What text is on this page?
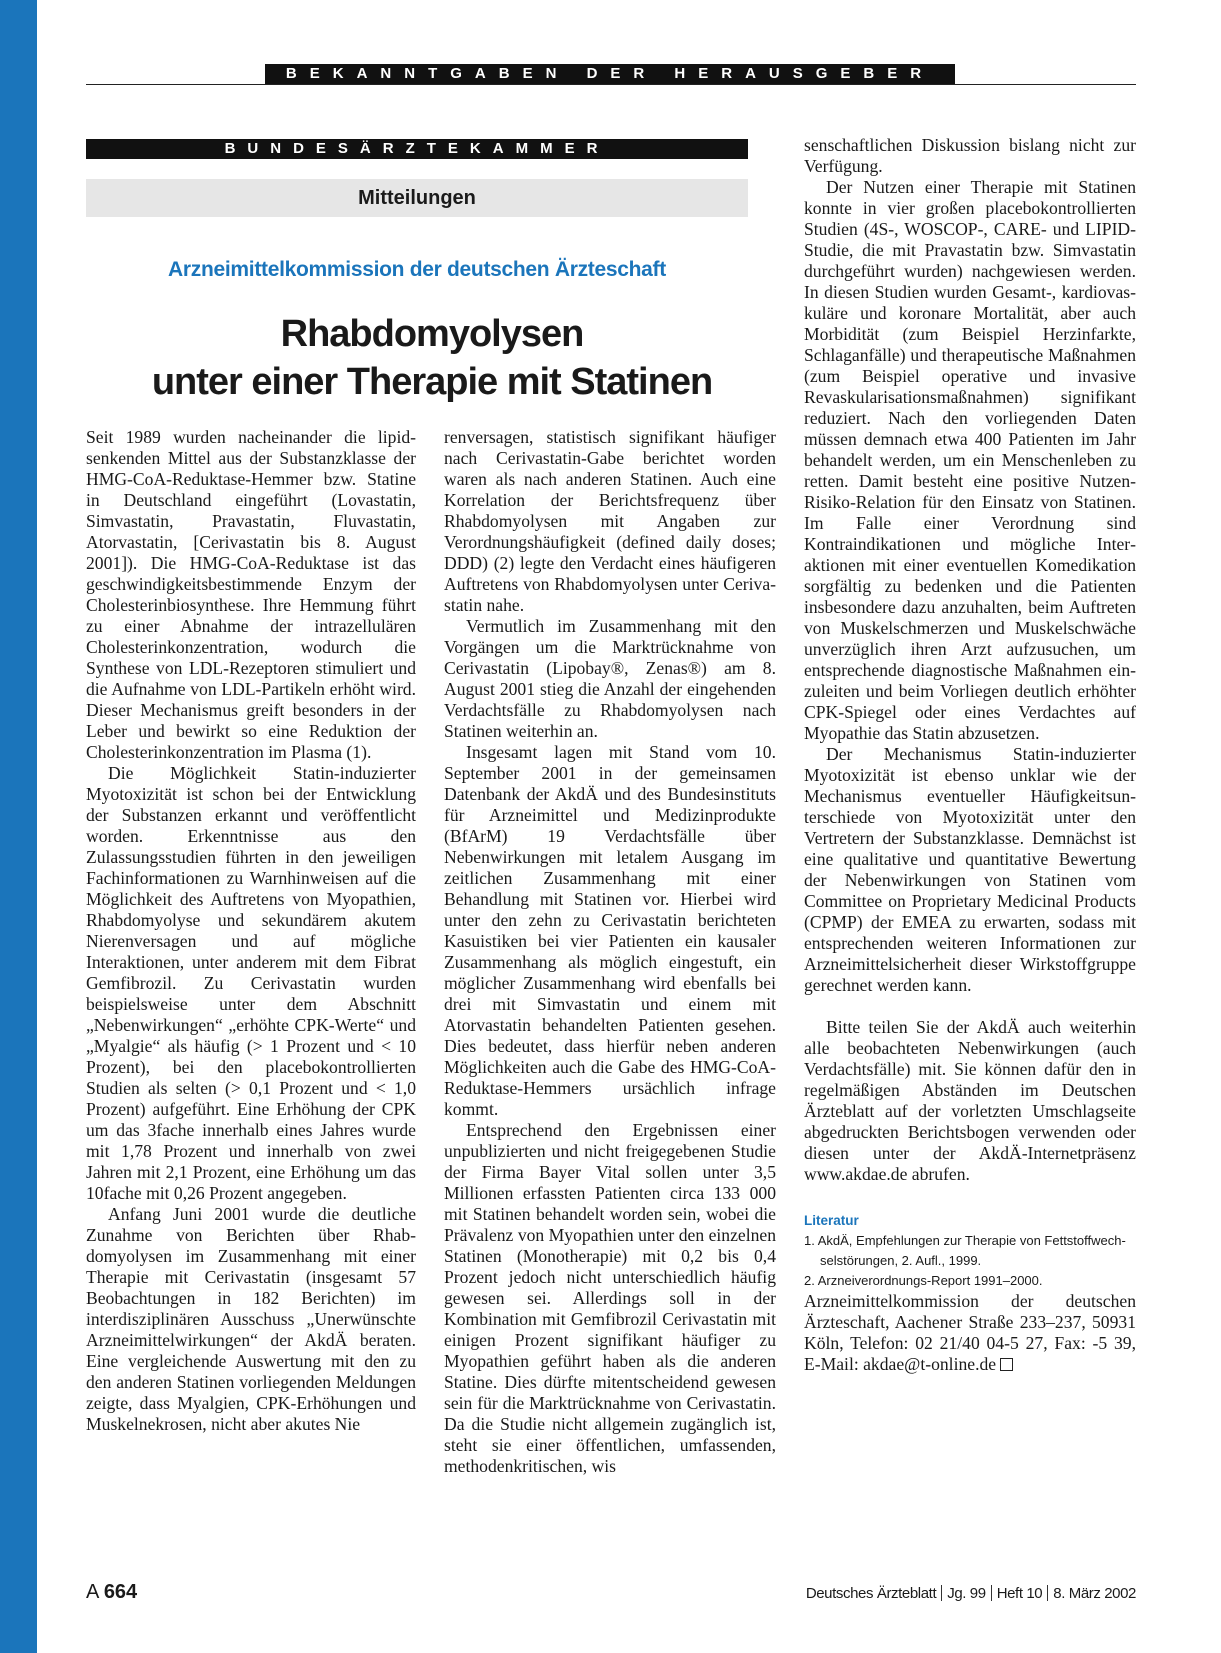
BEKANNTGABEN DER HERAUSGEBER
BUNDESÄRZTEKAMMER
Mitteilungen
Arzneimittelkommission der deutschen Ärzteschaft
Rhabdomyolysen
unter einer Therapie mit Statinen

Seit 1989 wurden nacheinander die lipidsenkenden Mittel aus der Substanzklasse der HMG-CoA-Reduktase-Hemmer bzw. Statine in Deutschland eingeführt (Lovastatin, Simvastatin, Pravastatin, Fluvastatin, Atorvastatin, [Cerivastatin bis 8. August 2001]). Die HMG-CoA-Reduktase ist das geschwindigkeitsbestimmende Enzym der Cholesterinbiosynthese. Ihre Hemmung führt zu einer Abnahme der intrazellulären Cholesterinkonzentration, wodurch die Synthese von LDL-Rezeptoren stimuliert und die Aufnahme von LDL-Partikeln erhöht wird. Dieser Mechanismus greift besonders in der Leber und bewirkt so eine Reduktion der Cholesterinkonzentration im Plasma (1).

Die Möglichkeit Statin-induzierter Myotoxizität ist schon bei der Entwicklung der Substanzen erkannt und veröffentlicht worden. Erkenntnisse aus den Zulassungsstudien führten in den jeweiligen Fachinformationen zu Warnhinweisen auf die Möglichkeit des Auftretens von Myopathien, Rhabdomyolyse und sekundärem akutem Nierenversagen und auf mögliche Interaktionen, unter anderem mit dem Fibrat Gemfibrozil. Zu Cerivastatin wurden beispielsweise unter dem Abschnitt „Nebenwirkungen“ „erhöhte CPK-Werte“ und „Myalgie“ als häufig (> 1 Prozent und < 10 Prozent), bei den placebokontrollierten Studien als selten (> 0,1 Prozent und < 1,0 Prozent) aufgeführt. Eine Erhöhung der CPK um das 3fache innerhalb eines Jahres wurde mit 1,78 Prozent und innerhalb von zwei Jahren mit 2,1 Prozent, eine Erhöhung um das 10fache mit 0,26 Prozent angegeben.

Anfang Juni 2001 wurde die deutliche Zunahme von Berichten über Rhabdomyolysen im Zusammenhang mit einer Therapie mit Cerivastatin (insgesamt 57 Beobachtungen in 182 Berichten) im interdisziplinären Ausschuss „Unerwünschte Arzneimittelwirkungen“ der AkdÄ beraten. Eine vergleichende Auswertung mit den zu den anderen Statinen vorliegenden Meldungen zeigte, dass Myalgien, CPK-Erhöhungen und Muskelnekrosen, nicht aber akutes Nie

renversagen, statistisch signifikant häufiger nach Cerivastatin-Gabe berichtet worden waren als nach anderen Statinen. Auch eine Korrelation der Berichtsfrequenz über Rhabdomyolysen mit Angaben zur Verordnungshäufigkeit (defined daily doses; DDD) (2) legte den Verdacht eines häufigeren Auftretens von Rhabdomyolysen unter Cerivastatin nahe.

Vermutlich im Zusammenhang mit den Vorgängen um die Marktrücknahme von Cerivastatin (Lipobay®, Zenas®) am 8. August 2001 stieg die Anzahl der eingehenden Verdachtsfälle zu Rhabdomyolysen nach Statinen weiterhin an.

Insgesamt lagen mit Stand vom 10. September 2001 in der gemeinsamen Datenbank der AkdÄ und des Bundesinstituts für Arzneimittel und Medizinprodukte (BfArM) 19 Verdachtsfälle über Nebenwirkungen mit letalem Ausgang im zeitlichen Zusammenhang mit einer Behandlung mit Statinen vor. Hierbei wird unter den zehn zu Cerivastatin berichteten Kasuistiken bei vier Patienten ein kausaler Zusammenhang als möglich eingestuft, ein möglicher Zusammenhang wird ebenfalls bei drei mit Simvastatin und einem mit Atorvastatin behandelten Patienten gesehen. Dies bedeutet, dass hierfür neben anderen Möglichkeiten auch die Gabe des HMG-CoA-Reduktase-Hemmers ursächlich infrage kommt.

Entsprechend den Ergebnissen einer unpublizierten und nicht freigegebenen Studie der Firma Bayer Vital sollen unter 3,5 Millionen erfassten Patienten circa 133 000 mit Statinen behandelt worden sein, wobei die Prävalenz von Myopathien unter den einzelnen Statinen (Monotherapie) mit 0,2 bis 0,4 Prozent jedoch nicht unterschiedlich häufig gewesen sei. Allerdings soll in der Kombination mit Gemfibrozil Cerivastatin mit einigen Prozent signifikant häufiger zu Myopathien geführt haben als die anderen Statine. Dies dürfte mitentscheidend gewesen sein für die Marktrücknahme von Cerivastatin. Da die Studie nicht allgemein zugänglich ist, steht sie einer öffentlichen, umfassenden, methodenkritischen, wis

senschaftlichen Diskussion bislang nicht zur Verfügung.

Der Nutzen einer Therapie mit Statinen konnte in vier großen placebokontrollierten Studien (4S-, WOSCOP-, CARE- und LIPID-Studie, die mit Pravastatin bzw. Simvastatin durchgeführt wurden) nachgewiesen werden. In diesen Studien wurden Gesamt-, kardiovaskuläre und koronare Mortalität, aber auch Morbidität (zum Beispiel Herzinfarkte, Schlaganfälle) und therapeutische Maßnahmen (zum Beispiel operative und invasive Revaskularisationsmaßnahmen) signifikant reduziert. Nach den vorliegenden Daten müssen demnach etwa 400 Patienten im Jahr behandelt werden, um ein Menschenleben zu retten. Damit besteht eine positive Nutzen-Risiko-Relation für den Einsatz von Statinen. Im Falle einer Verordnung sind Kontraindikationen und mögliche Interaktionen mit einer eventuellen Komedikation sorgfältig zu bedenken und die Patienten insbesondere dazu anzuhalten, beim Auftreten von Muskelschmerzen und Muskelschwäche unverzüglich ihren Arzt aufzusuchen, um entsprechende diagnostische Maßnahmen einzuleiten und beim Vorliegen deutlich erhöhter CPK-Spiegel oder eines Verdachtes auf Myopathie das Statin abzusetzen.

Der Mechanismus Statin-induzierter Myotoxizität ist ebenso unklar wie der Mechanismus eventueller Häufigkeitsunterschiede von Myotoxizität unter den Vertretern der Substanzklasse. Demnächst ist eine qualitative und quantitative Bewertung der Nebenwirkungen von Statinen vom Committee on Proprietary Medicinal Products (CPMP) der EMEA zu erwarten, sodass mit entsprechenden weiteren Informationen zur Arzneimittelsicherheit dieser Wirkstoffgruppe gerechnet werden kann.

Bitte teilen Sie der AkdÄ auch weiterhin alle beobachteten Nebenwirkungen (auch Verdachtsfälle) mit. Sie können dafür den in regelmäßigen Abständen im Deutschen Ärzteblatt auf der vorletzten Umschlagseite abgedruckten Berichtsbogen verwenden oder diesen unter der AkdÄ-Internetpräsenz www.akdae.de abrufen.

Literatur
1. AkdÄ, Empfehlungen zur Therapie von Fettstoffwechselstörungen, 2. Aufl., 1999.
2. Arzneiverordnungs-Report 1991–2000.

Arzneimittelkommission der deutschen Ärzteschaft, Aachener Straße 233–237, 50931 Köln, Telefon: 02 21/40 04-5 27, Fax: -5 39, E-Mail: akdae@t-online.de

A 664	Deutsches Ärzteblatt Jg. 99 Heft 10 8. März 2002
